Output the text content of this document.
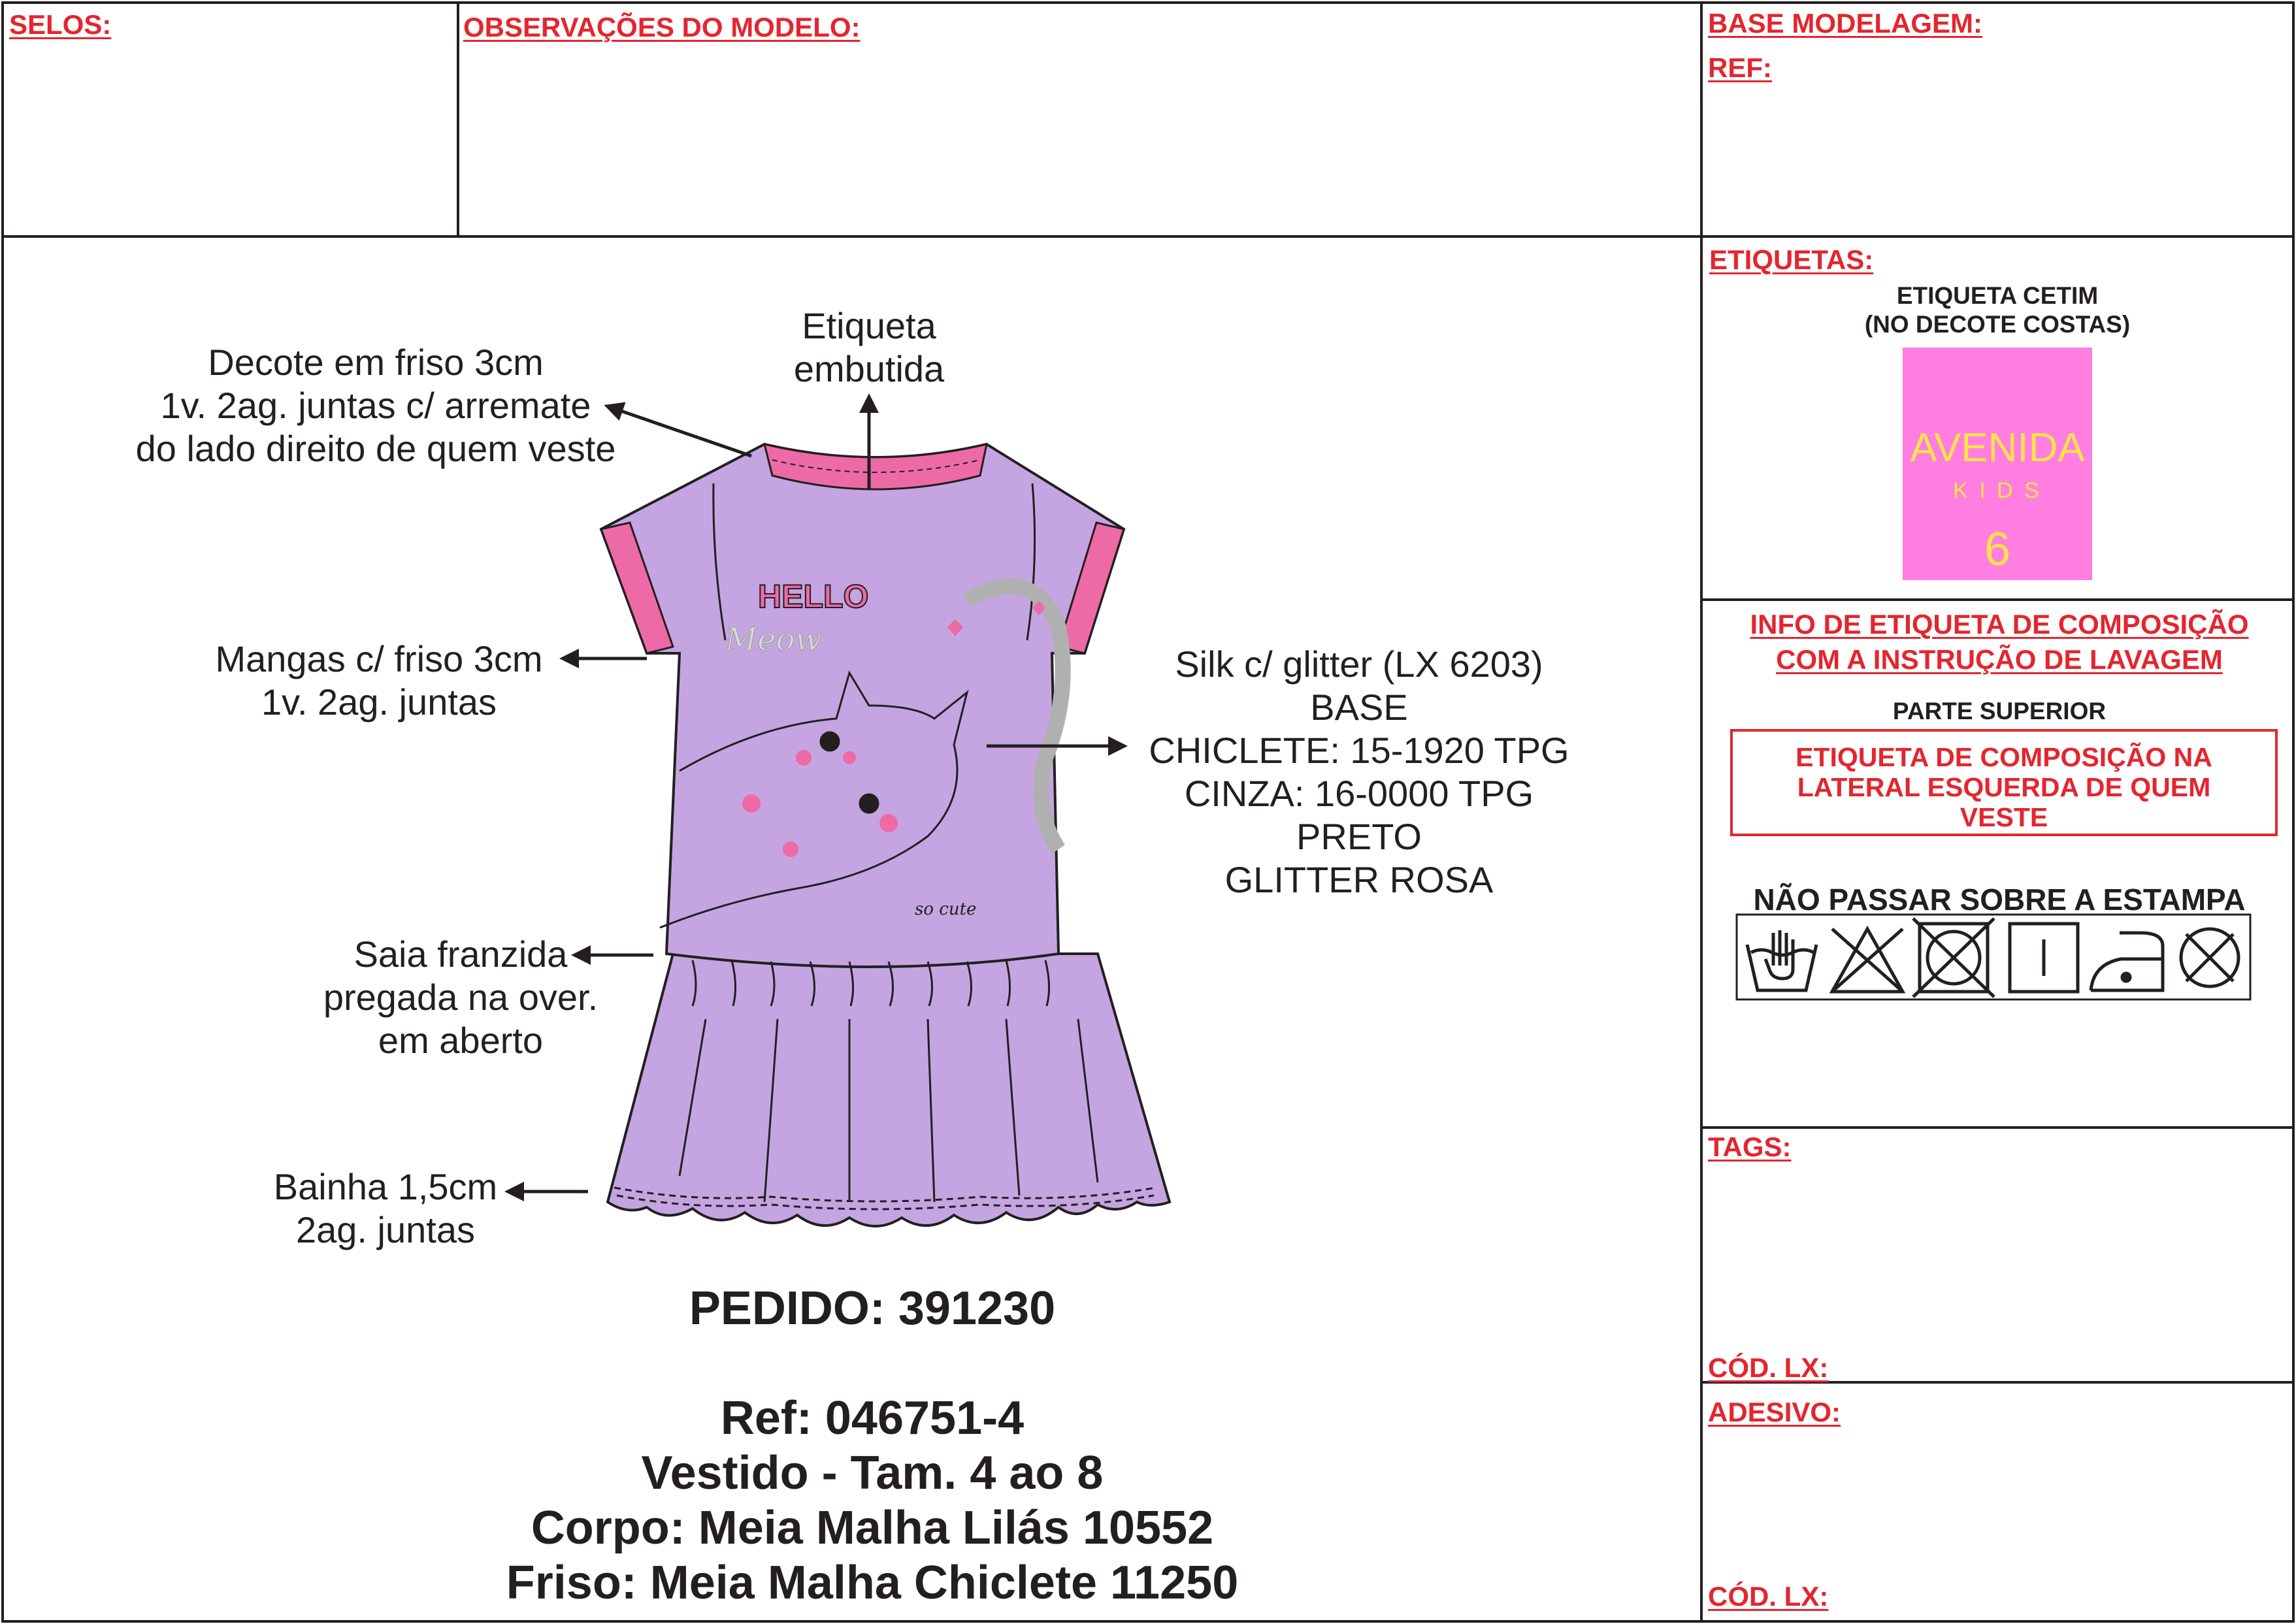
SELOS:	OBSERVAÇÕES DO MODELO:	BASE MODELAGEM:
REF:
ETIQUETAS:
ETIQUETA CETIM
(NO DECOTE COSTAS)
AVENIDA
K I D S
6
INFO DE ETIQUETA DE COMPOSIÇÃO
COM A INSTRUÇÃO DE LAVAGEM
PARTE SUPERIOR
ETIQUETA DE COMPOSIÇÃO NA
LATERAL ESQUERDA DE QUEM
VESTE
NÃO PASSAR SOBRE A ESTAMPA
TAGS:
CÓD. LX:
ADESIVO:
CÓD. LX:
HELLO
Meow
so cute
Etiqueta
embutida
Decote em friso 3cm
1v. 2ag. juntas c/ arremate
do lado direito de quem veste
Mangas c/ friso 3cm
1v. 2ag. juntas
Silk c/ glitter (LX 6203)
BASE
CHICLETE: 15-1920 TPG
CINZA: 16-0000 TPG
PRETO
GLITTER ROSA
Saia franzida
pregada na over.
em aberto
Bainha 1,5cm
2ag. juntas
PEDIDO: 391230
Ref: 046751-4
Vestido - Tam. 4 ao 8
Corpo: Meia Malha Lilás 10552
Friso: Meia Malha Chiclete 11250
